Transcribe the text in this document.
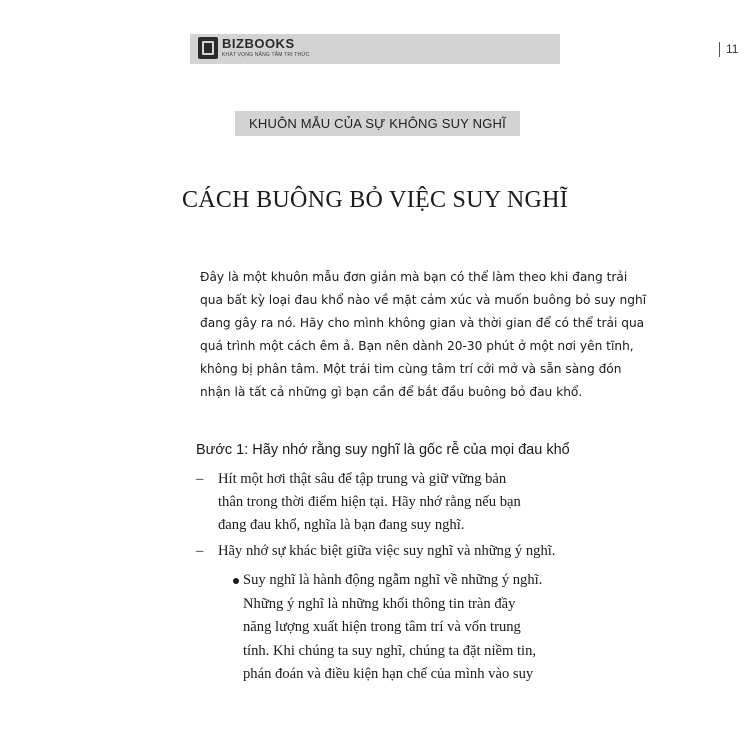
BIZBOOKS
KHÁT VỌNG NÂNG TẦM TRI THỨC	11
KHUÔN MẪU CỦA SỰ KHÔNG SUY NGHĨ
CÁCH BUÔNG BỎ VIỆC SUY NGHĨ
Đây là một khuôn mẫu đơn giản mà bạn có thể làm theo khi đang trải
qua bất kỳ loại đau khổ nào về mặt cảm xúc và muốn buông bỏ suy nghĩ
đang gây ra nó. Hãy cho mình không gian và thời gian để có thể trải qua
quá trình một cách êm ả. Bạn nên dành 20-30 phút ở một nơi yên tĩnh,
không bị phân tâm. Một trái tim cùng tâm trí cởi mở và sẵn sàng đón
nhận là tất cả những gì bạn cần để bắt đầu buông bỏ đau khổ.
Bước 1: Hãy nhớ rằng suy nghĩ là gốc rễ của mọi đau khổ
–	Hít một hơi thật sâu để tập trung và giữ vững bản
thân trong thời điểm hiện tại. Hãy nhớ rằng nếu bạn
đang đau khổ, nghĩa là bạn đang suy nghĩ.
–	Hãy nhớ sự khác biệt giữa việc suy nghĩ và những ý nghĩ.
Suy nghĩ là hành động ngẫm nghĩ về những ý nghĩ.
Những ý nghĩ là những khối thông tin tràn đầy
năng lượng xuất hiện trong tâm trí và vốn trung
tính. Khi chúng ta suy nghĩ, chúng ta đặt niềm tin,
phán đoán và điều kiện hạn chế của mình vào suy
